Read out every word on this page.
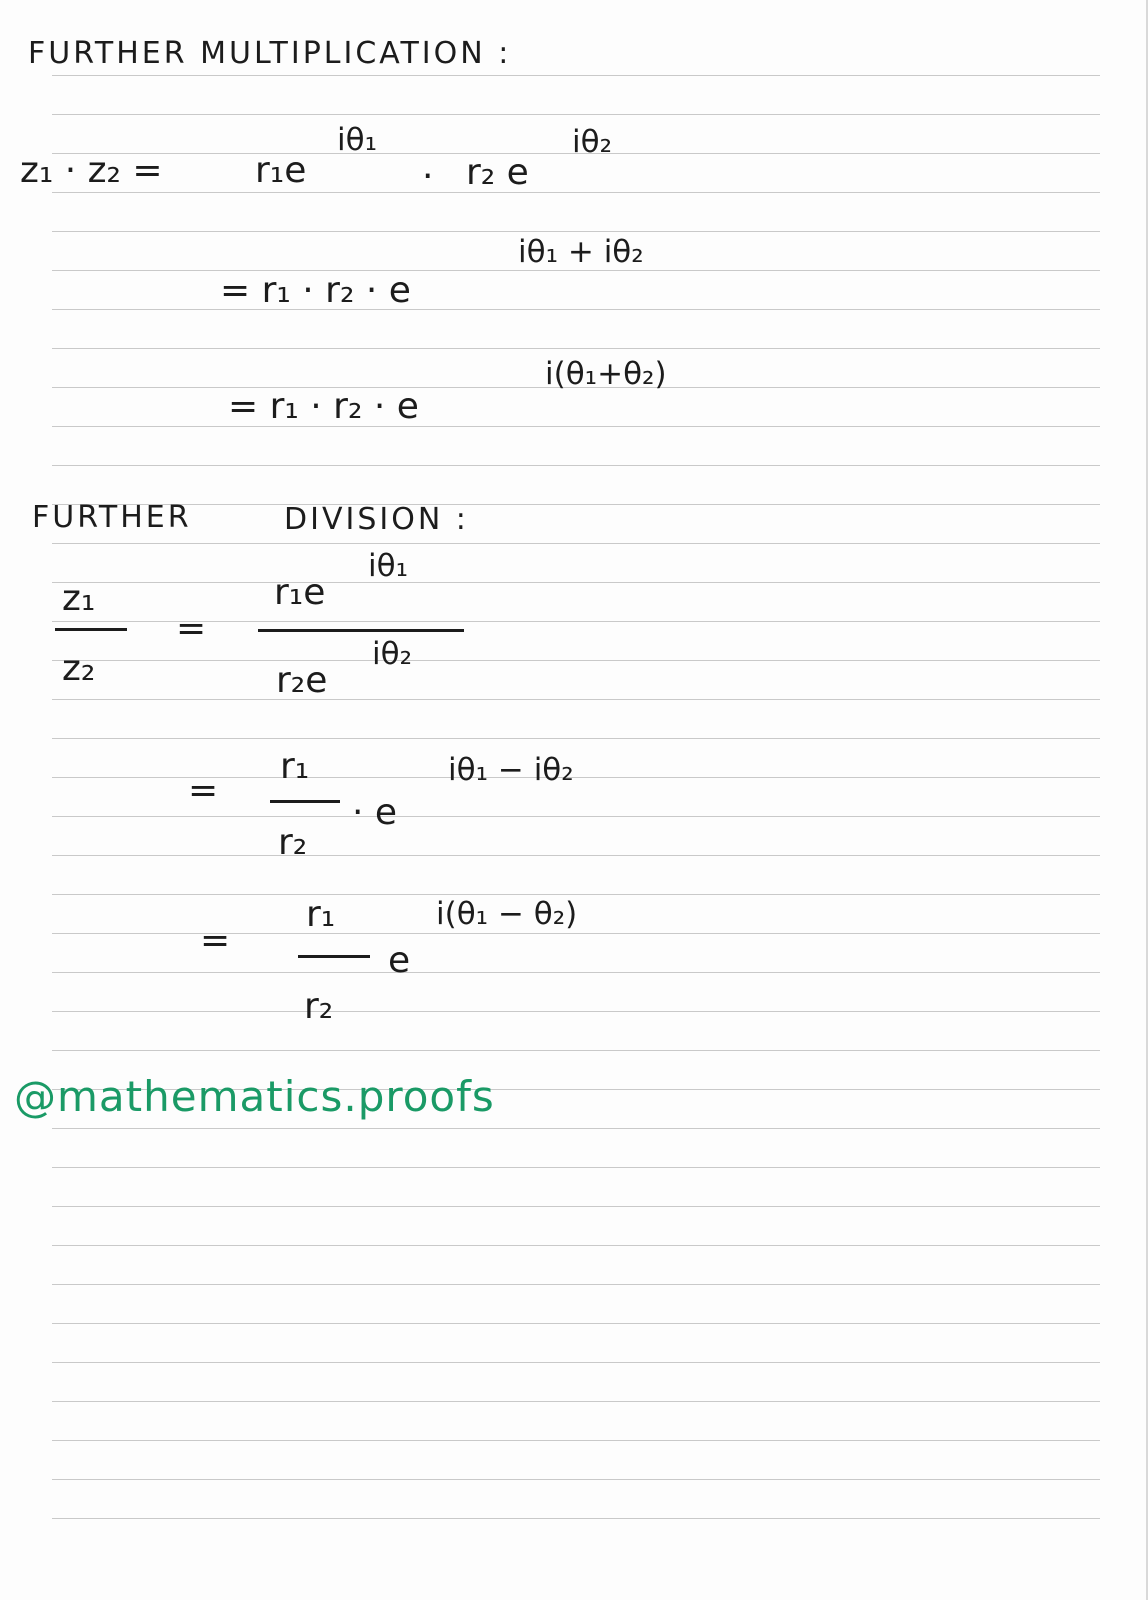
FURTHER MULTIPLICATION :
z₁ · z₂ =	r₁e
iθ₁
· r₂ e
iθ₂
= r₁ · r₂ · e
iθ₁ + iθ₂
= r₁ · r₂ · e
i(θ₁+θ₂)
FURTHER	DIVISION :
z₁
z₂
=
r₁e
iθ₁
r₂e
iθ₂
=
r₁
r₂
· e
iθ₁ − iθ₂
=
r₁
r₂
e
i(θ₁ − θ₂)
@mathematics.proofs
